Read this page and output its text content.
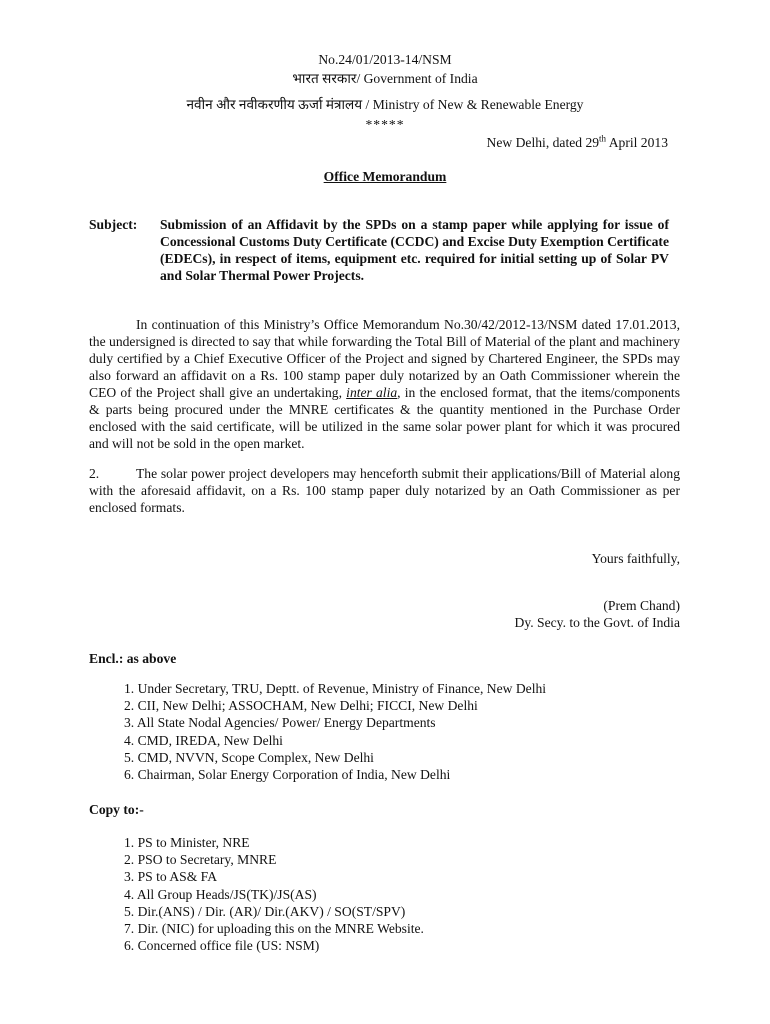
No.24/01/2013-14/NSM
भारत सरकार/ Government of India
नवीन और नवीकरणीय ऊर्जा मंत्रालय / Ministry of New & Renewable Energy
*****
New Delhi, dated 29th April 2013
Office Memorandum
Subject:	Submission of an Affidavit by the SPDs on a stamp paper while applying for issue of Concessional Customs Duty Certificate (CCDC) and Excise Duty Exemption Certificate (EDECs), in respect of items, equipment etc. required for initial setting up of Solar PV and Solar Thermal Power Projects.
In continuation of this Ministry’s Office Memorandum No.30/42/2012-13/NSM dated 17.01.2013, the undersigned is directed to say that while forwarding the Total Bill of Material of the plant and machinery duly certified by a Chief Executive Officer of the Project and signed by Chartered Engineer, the SPDs may also forward an affidavit on a Rs. 100 stamp paper duly notarized by an Oath Commissioner wherein the CEO of the Project shall give an undertaking, inter alia, in the enclosed format, that the items/components & parts being procured under the MNRE certificates & the quantity mentioned in the Purchase Order enclosed with the said certificate, will be utilized in the same solar power plant for which it was procured and will not be sold in the open market.
2.	The solar power project developers may henceforth submit their applications/Bill of Material along with the aforesaid affidavit, on a Rs. 100 stamp paper duly notarized by an Oath Commissioner as per enclosed formats.
Yours faithfully,
(Prem Chand)
Dy. Secy. to the Govt. of India
Encl.: as above
1. Under Secretary, TRU, Deptt. of Revenue, Ministry of Finance, New Delhi
2. CII, New Delhi; ASSOCHAM, New Delhi; FICCI, New Delhi
3. All State Nodal Agencies/ Power/ Energy Departments
4. CMD, IREDA, New Delhi
5. CMD, NVVN, Scope Complex, New Delhi
6. Chairman, Solar Energy Corporation of India, New Delhi
Copy to:-
1. PS to Minister, NRE
2. PSO to Secretary, MNRE
3. PS to AS& FA
4. All Group Heads/JS(TK)/JS(AS)
5. Dir.(ANS) / Dir. (AR)/ Dir.(AKV) / SO(ST/SPV)
7. Dir. (NIC) for uploading this on the MNRE Website.
6. Concerned office file (US: NSM)
